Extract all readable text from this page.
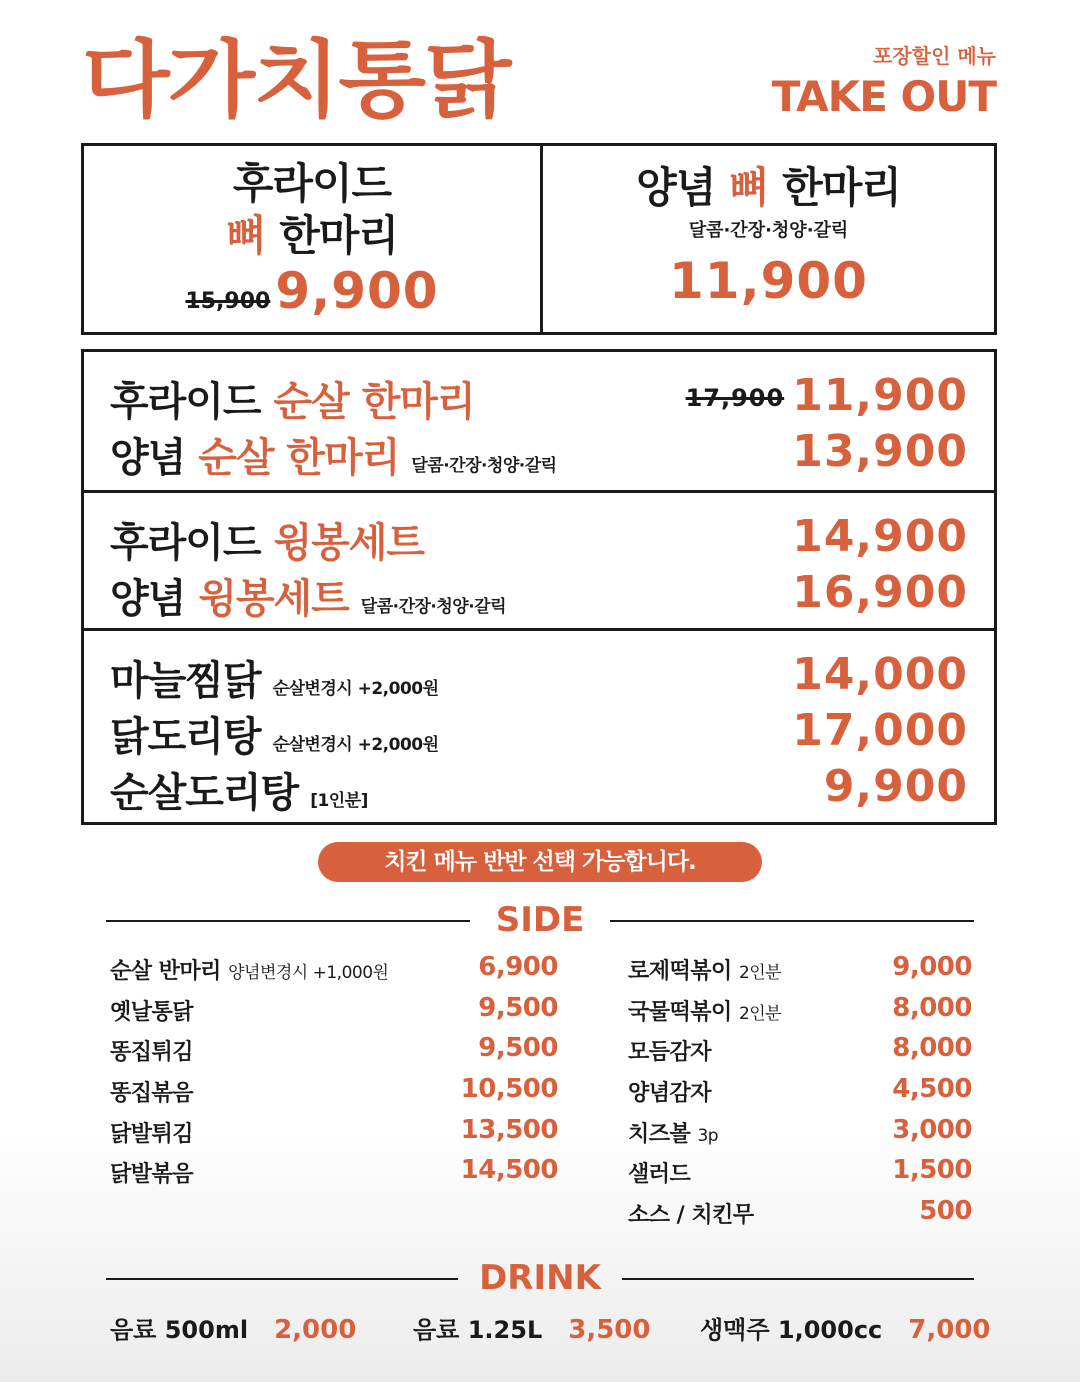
다가치통닭	포장할인 메뉴
TAKE OUT
후라이드
뼈 한마리
15,900 9,900
양념 뼈 한마리
달콤·간장·청양·갈릭
11,900
후라이드 순살 한마리	17,900 11,900
양념 순살 한마리 달콤·간장·청양·갈릭	13,900
후라이드 윙봉세트	14,900
양념 윙봉세트 달콤·간장·청양·갈릭	16,900
마늘찜닭 순살변경시 +2,000원	14,000
닭도리탕 순살변경시 +2,000원	17,000
순살도리탕 [1인분]	9,900
치킨 메뉴 반반 선택 가능합니다.
SIDE
순살 반마리 양념변경시 +1,000원	6,900
옛날통닭	9,500
똥집튀김	9,500
똥집볶음	10,500
닭발튀김	13,500
닭발볶음	14,500
로제떡볶이 2인분	9,000
국물떡볶이 2인분	8,000
모듬감자	8,000
양념감자	4,500
치즈볼 3p	3,000
샐러드	1,500
소스 / 치킨무	500
DRINK
음료 500ml 2,000 음료 1.25L 3,500 생맥주 1,000cc 7,000
